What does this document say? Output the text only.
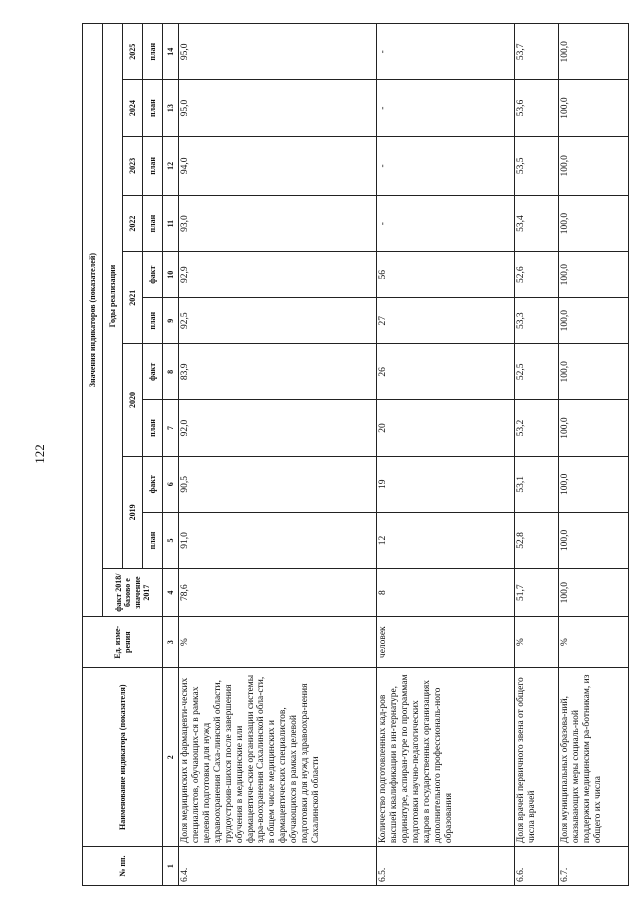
122
№ пп.	Наименование индикатора (показателя)	Ед. изме-рения	Значения индикаторов (показателей)										
			факт 2018/базово е значение 2017	Годы реализации									
				2019		2020		2021		2022	2023	2024	2025
				план	факт	план	факт	план	факт	план	план	план	план
1	2	3	4	5	6	7	8	9	10	11	12	13	14
6.4.	Доля медицинских и фармацевти-ческих специалистов, обучающих-ся в рамках целевой подготовки для нужд здравоохранения Саха-линской области, трудоустроив-шихся после завершения обучения в медицинские или фармацевтиче-ские организации системы здра-воохранения Сахалинской обла-сти, в общем числе медицинских и фармацевтических специалистов, обучающихся в рамках целевой подготовки для нужд здравоохра-нения Сахалинской области	%	78,6	91,0	90,5	92,0	83,9	92,5	92,9	93,0	94,0	95,0	95,0
6.5.	Количество подготовленных кад-ров высшей квалификации в ин-тернатуре, ординатуре, аспиран-туре по программам подготовки научно-педагогических кадров в государственных организациях дополнительного профессиональ-ного образования	человек	8	12	19	20	26	27	56	-	-	-	-
6.6.	Доля врачей первичного звена от общего числа врачей	%	51,7	52,8	53,1	53,2	52,5	53,3	52,6	53,4	53,5	53,6	53,7
6.7.	Доля муниципальных образова-ний, оказывающих меры социаль-ной поддержки медицинским ра-ботникам, из общего их числа	%	100,0	100,0	100,0	100,0	100,0	100,0	100,0	100,0	100,0	100,0	100,0
